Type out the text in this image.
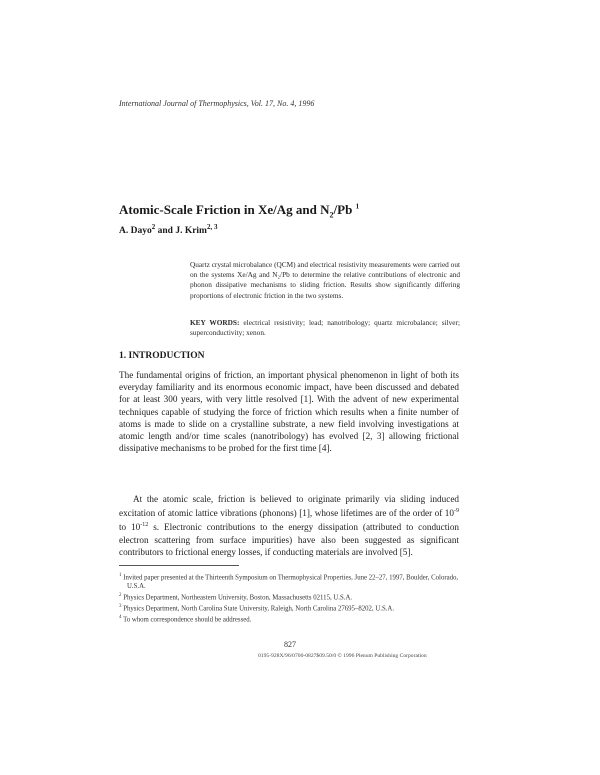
International Journal of Thermophysics, Vol. 17, No. 4, 1996
Atomic-Scale Friction in Xe/Ag and $N_2/Pb$ $^1$
A. Dayo$^2$ and J. Krim$^{2, 3}$
Quartz crystal microbalance (QCM) and electrical resistivity measurements were carried out on the systems Xe/Ag and N₂/Pb to determine the relative contributions of electronic and phonon dissipative mechanisms to sliding friction. Results show significantly differing proportions of electronic friction in the two systems.
KEY WORDS: electrical resistivity; lead; nanotribology; quartz microbalance; silver; superconductivity; xenon.
1. INTRODUCTION
The fundamental origins of friction, an important physical phenomenon in light of both its everyday familiarity and its enormous economic impact, have been discussed and debated for at least 300 years, with very little resolved [1]. With the advent of new experimental techniques capable of studying the force of friction which results when a finite number of atoms is made to slide on a crystalline substrate, a new field involving investigations at atomic length and/or time scales (nanotribology) has evolved [2, 3] allowing frictional dissipative mechanisms to be probed for the first time [4].
At the atomic scale, friction is believed to originate primarily via sliding induced excitation of atomic lattice vibrations (phonons) [1], whose lifetimes are of the order of $10^{-9}$ to $10^{-12}$ s. Electronic contributions to the energy dissipation (attributed to conduction electron scattering from surface impurities) have also been suggested as significant contributors to frictional energy losses, if conducting materials are involved [5].

$^1$ Invited paper presented at the Thirteenth Symposium on Thermophysical Properties, June 22–27, 1997, Boulder, Colorado, U.S.A.

$^2$ Physics Department, Northeastern University, Boston, Massachusetts 02115, U.S.A.

$^3$ Physics Department, North Carolina State University, Raleigh, North Carolina 27695–8202, U.S.A.

$^4$ To whom correspondence should be addressed.

827
0195-928X/96/0700-0827$09.50/0 © 1996 Plenum Publishing Corporation
